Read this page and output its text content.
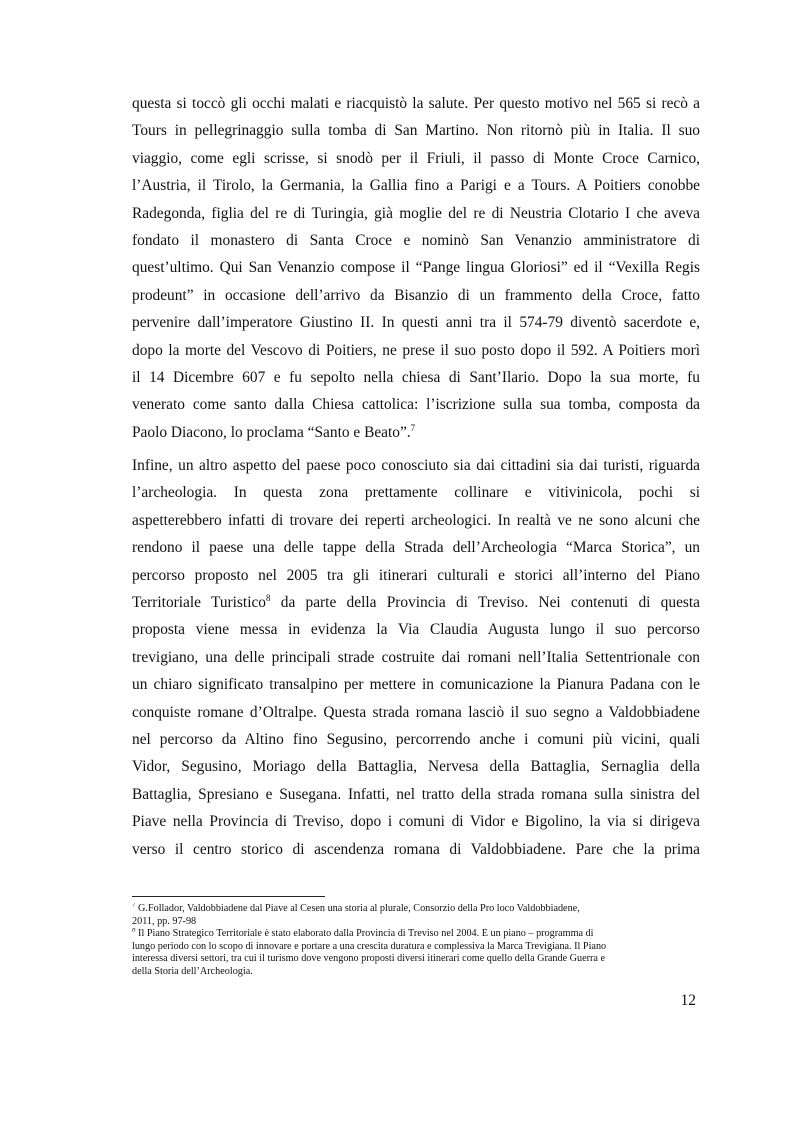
questa si toccò gli occhi malati e riacquistò la salute. Per questo motivo nel 565 si recò a
Tours in pellegrinaggio sulla tomba di San Martino. Non ritornò più in Italia. Il suo
viaggio, come egli scrisse, si snodò per il Friuli, il passo di Monte Croce Carnico,
l’Austria, il Tirolo, la Germania, la Gallia fino a Parigi e a Tours. A Poitiers conobbe
Radegonda, figlia del re di Turingia, già moglie del re di Neustria Clotario I che aveva
fondato il monastero di Santa Croce e nominò San Venanzio amministratore di
quest’ultimo. Qui San Venanzio compose il “Pange lingua Gloriosi” ed il “Vexilla Regis
prodeunt” in occasione dell’arrivo da Bisanzio di un frammento della Croce, fatto
pervenire dall’imperatore Giustino II. In questi anni tra il 574-79 diventò sacerdote e,
dopo la morte del Vescovo di Poitiers, ne prese il suo posto dopo il 592. A Poitiers morì
il 14 Dicembre 607 e fu sepolto nella chiesa di Sant’Ilario. Dopo la sua morte, fu
venerato come santo dalla Chiesa cattolica: l’iscrizione sulla sua tomba, composta da
Paolo Diacono, lo proclama “Santo e Beato”.$^7$

Infine, un altro aspetto del paese poco conosciuto sia dai cittadini sia dai turisti, riguarda
l’archeologia. In questa zona prettamente collinare e vitivinicola, pochi si
aspetterebbero infatti di trovare dei reperti archeologici. In realtà ve ne sono alcuni che
rendono il paese una delle tappe della Strada dell’Archeologia “Marca Storica”, un
percorso proposto nel 2005 tra gli itinerari culturali e storici all’interno del Piano
Territoriale Turistico$^8$ da parte della Provincia di Treviso. Nei contenuti di questa
proposta viene messa in evidenza la Via Claudia Augusta lungo il suo percorso
trevigiano, una delle principali strade costruite dai romani nell’Italia Settentrionale con
un chiaro significato transalpino per mettere in comunicazione la Pianura Padana con le
conquiste romane d’Oltralpe. Questa strada romana lasciò il suo segno a Valdobbiadene
nel percorso da Altino fino Segusino, percorrendo anche i comuni più vicini, quali
Vidor, Segusino, Moriago della Battaglia, Nervesa della Battaglia, Sernaglia della
Battaglia, Spresiano e Susegana. Infatti, nel tratto della strada romana sulla sinistra del
Piave nella Provincia di Treviso, dopo i comuni di Vidor e Bigolino, la via si dirigeva
verso il centro storico di ascendenza romana di Valdobbiadene. Pare che la prima

$^7$ G.Follador, Valdobbiadene dal Piave al Cesen una storia al plurale, Consorzio della Pro loco Valdobbiadene,
2011, pp. 97-98

$^8$ Il Piano Strategico Territoriale è stato elaborato dalla Provincia di Treviso nel 2004. È un piano – programma di
lungo periodo con lo scopo di innovare e portare a una crescita duratura e complessiva la Marca Trevigiana. Il Piano
interessa diversi settori, tra cui il turismo dove vengono proposti diversi itinerari come quello della Grande Guerra e
della Storia dell’Archeologia.

12
